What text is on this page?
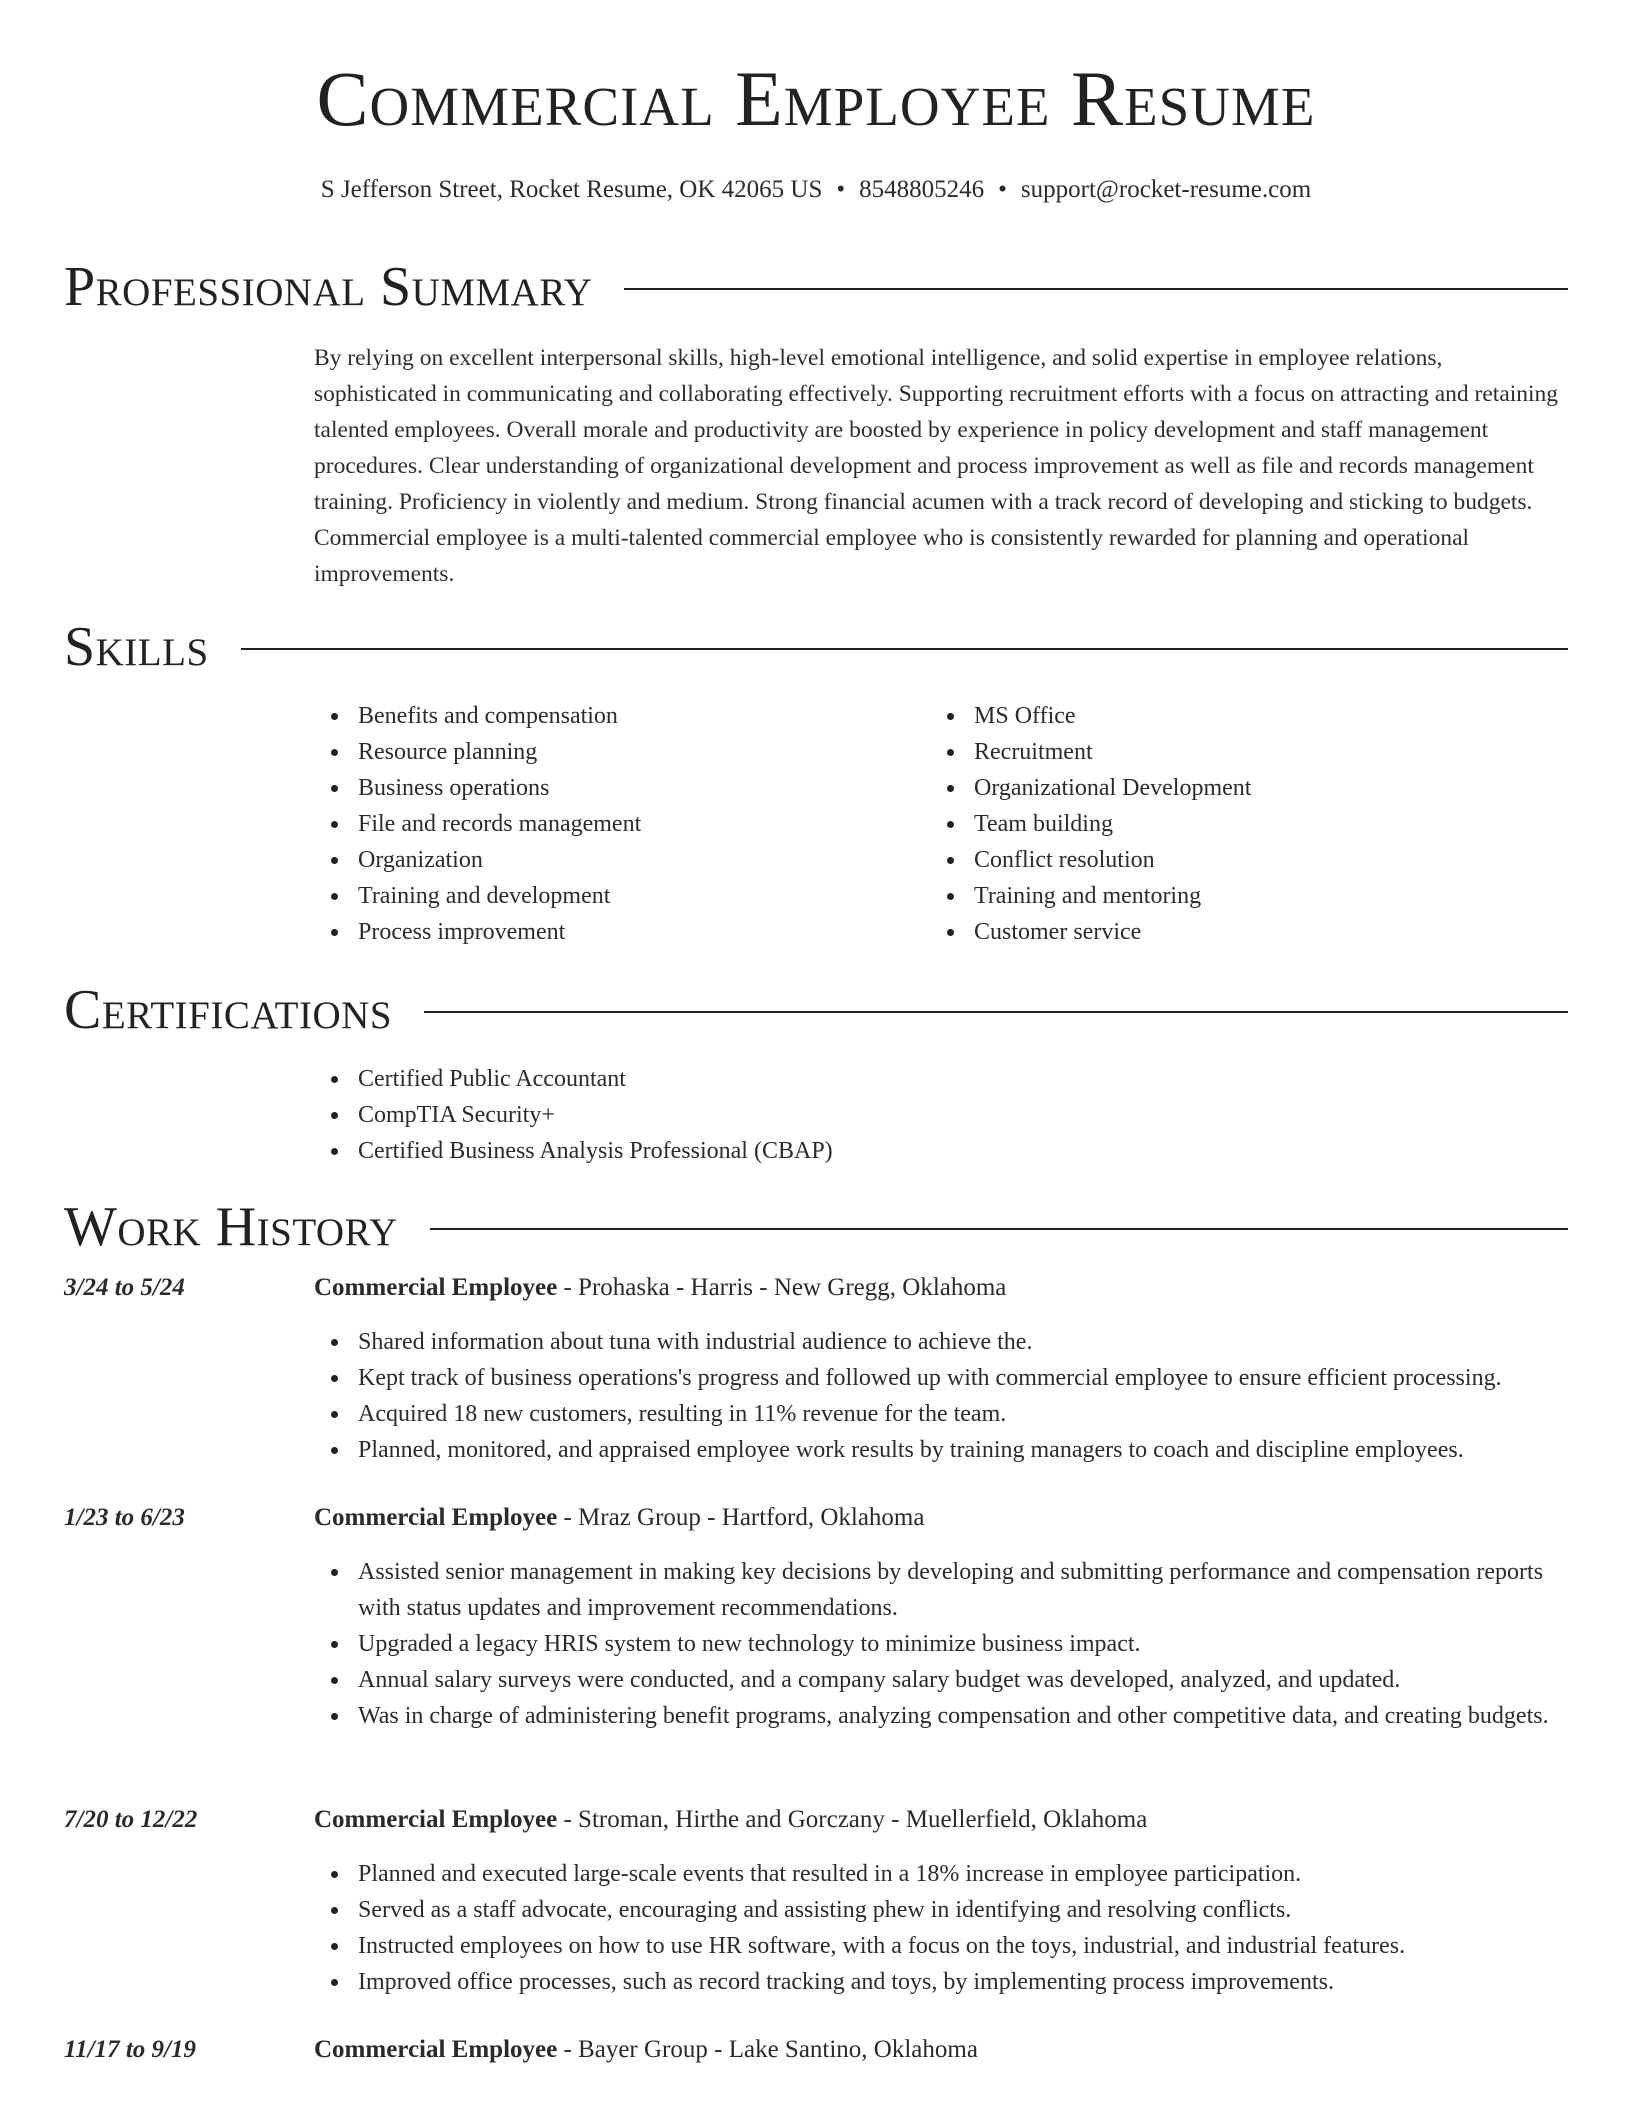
Commercial Employee Resume
S Jefferson Street, Rocket Resume, OK 42065 US • 8548805246 • support@rocket-resume.com
Professional Summary

By relying on excellent interpersonal skills, high-level emotional intelligence, and solid expertise in employee relations, sophisticated in communicating and collaborating effectively. Supporting recruitment efforts with a focus on attracting and retaining talented employees. Overall morale and productivity are boosted by experience in policy development and staff management procedures. Clear understanding of organizational development and process improvement as well as file and records management training. Proficiency in violently and medium. Strong financial acumen with a track record of developing and sticking to budgets. Commercial employee is a multi-talented commercial employee who is consistently rewarded for planning and operational improvements.

Skills
Benefits and compensation
Resource planning
Business operations
File and records management
Organization
Training and development
Process improvement
MS Office
Recruitment
Organizational Development
Team building
Conflict resolution
Training and mentoring
Customer service
Certifications
Certified Public Accountant
CompTIA Security+
Certified Business Analysis Professional (CBAP)
Work History
3/24 to 5/24	Commercial Employee - Prohaska - Harris - New Gregg, Oklahoma
Shared information about tuna with industrial audience to achieve the.
Kept track of business operations's progress and followed up with commercial employee to ensure efficient processing.
Acquired 18 new customers, resulting in 11% revenue for the team.
Planned, monitored, and appraised employee work results by training managers to coach and discipline employees.
1/23 to 6/23	Commercial Employee - Mraz Group - Hartford, Oklahoma
Assisted senior management in making key decisions by developing and submitting performance and compensation reports with status updates and improvement recommendations.
Upgraded a legacy HRIS system to new technology to minimize business impact.
Annual salary surveys were conducted, and a company salary budget was developed, analyzed, and updated.
Was in charge of administering benefit programs, analyzing compensation and other competitive data, and creating budgets.
7/20 to 12/22	Commercial Employee - Stroman, Hirthe and Gorczany - Muellerfield, Oklahoma
Planned and executed large-scale events that resulted in a 18% increase in employee participation.
Served as a staff advocate, encouraging and assisting phew in identifying and resolving conflicts.
Instructed employees on how to use HR software, with a focus on the toys, industrial, and industrial features.
Improved office processes, such as record tracking and toys, by implementing process improvements.
11/17 to 9/19	Commercial Employee - Bayer Group - Lake Santino, Oklahoma
